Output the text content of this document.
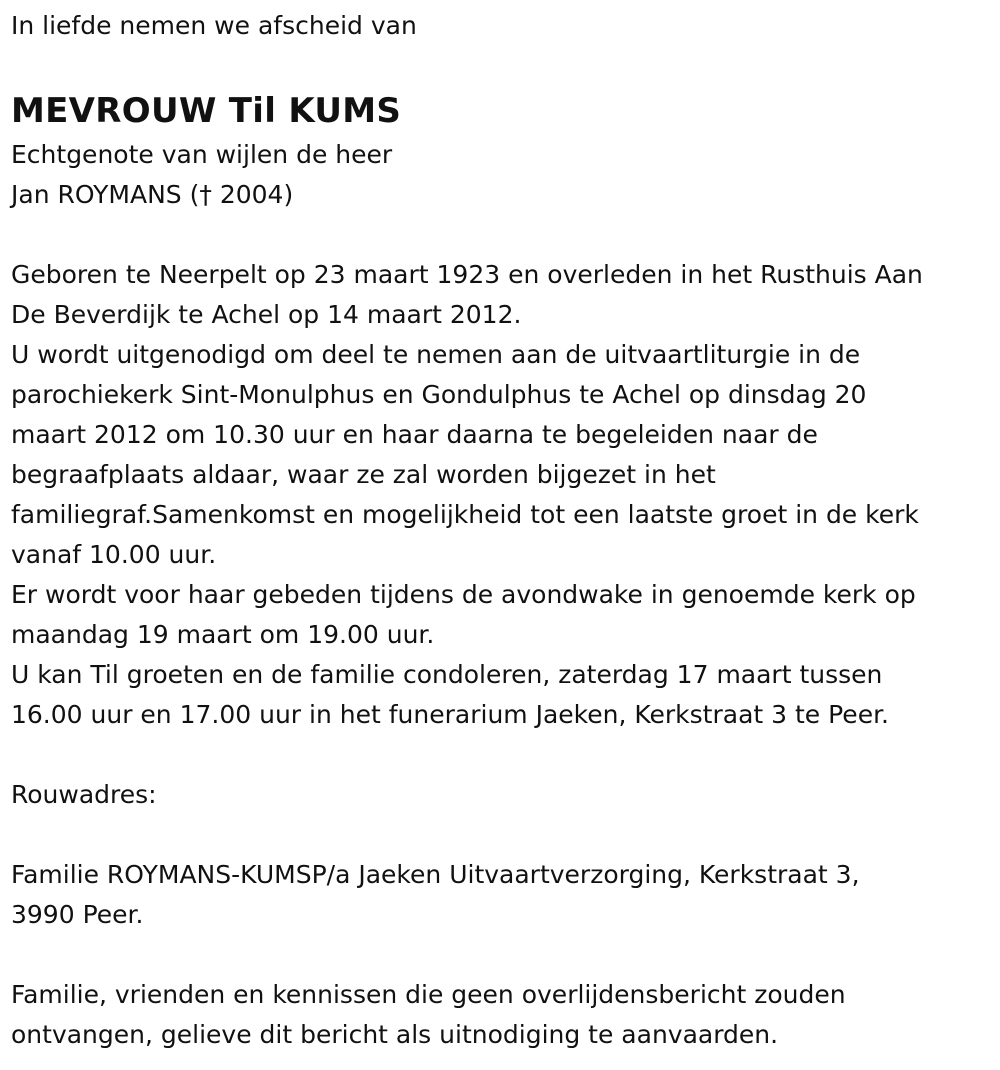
In liefde nemen we afscheid van
MEVROUW Til KUMS
Echtgenote van wijlen de heer
Jan ROYMANS († 2004)
Geboren te Neerpelt op 23 maart 1923 en overleden in het Rusthuis Aan
De Beverdijk te Achel op 14 maart 2012.
U wordt uitgenodigd om deel te nemen aan de uitvaartliturgie in de
parochiekerk Sint-Monulphus en Gondulphus te Achel op dinsdag 20
maart 2012 om 10.30 uur en haar daarna te begeleiden naar de
begraafplaats aldaar, waar ze zal worden bijgezet in het
familiegraf.Samenkomst en mogelijkheid tot een laatste groet in de kerk
vanaf 10.00 uur.
Er wordt voor haar gebeden tijdens de avondwake in genoemde kerk op
maandag 19 maart om 19.00 uur.
U kan Til groeten en de familie condoleren, zaterdag 17 maart tussen
16.00 uur en 17.00 uur in het funerarium Jaeken, Kerkstraat 3 te Peer.
Rouwadres:
Familie ROYMANS-KUMSP/a Jaeken Uitvaartverzorging, Kerkstraat 3,
3990 Peer.
Familie, vrienden en kennissen die geen overlijdensbericht zouden
ontvangen, gelieve dit bericht als uitnodiging te aanvaarden.
